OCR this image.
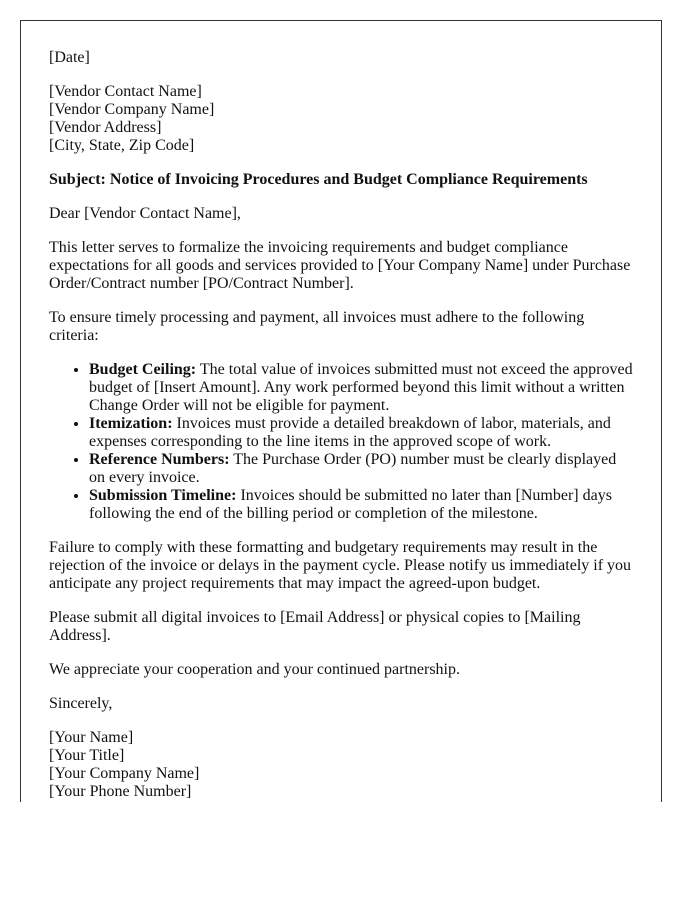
[Date]

[Vendor Contact Name]
[Vendor Company Name]
[Vendor Address]
[City, State, Zip Code]

Subject: Notice of Invoicing Procedures and Budget Compliance Requirements

Dear [Vendor Contact Name],

This letter serves to formalize the invoicing requirements and budget compliance expectations for all goods and services provided to [Your Company Name] under Purchase Order/Contract number [PO/Contract Number].

To ensure timely processing and payment, all invoices must adhere to the following criteria:

• Budget Ceiling: The total value of invoices submitted must not exceed the approved budget of [Insert Amount]. Any work performed beyond this limit without a written Change Order will not be eligible for payment.
• Itemization: Invoices must provide a detailed breakdown of labor, materials, and expenses corresponding to the line items in the approved scope of work.
• Reference Numbers: The Purchase Order (PO) number must be clearly displayed on every invoice.
• Submission Timeline: Invoices should be submitted no later than [Number] days following the end of the billing period or completion of the milestone.

Failure to comply with these formatting and budgetary requirements may result in the rejection of the invoice or delays in the payment cycle. Please notify us immediately if you anticipate any project requirements that may impact the agreed-upon budget.

Please submit all digital invoices to [Email Address] or physical copies to [Mailing Address].

We appreciate your cooperation and your continued partnership.

Sincerely,

[Your Name]
[Your Title]
[Your Company Name]
[Your Phone Number]
